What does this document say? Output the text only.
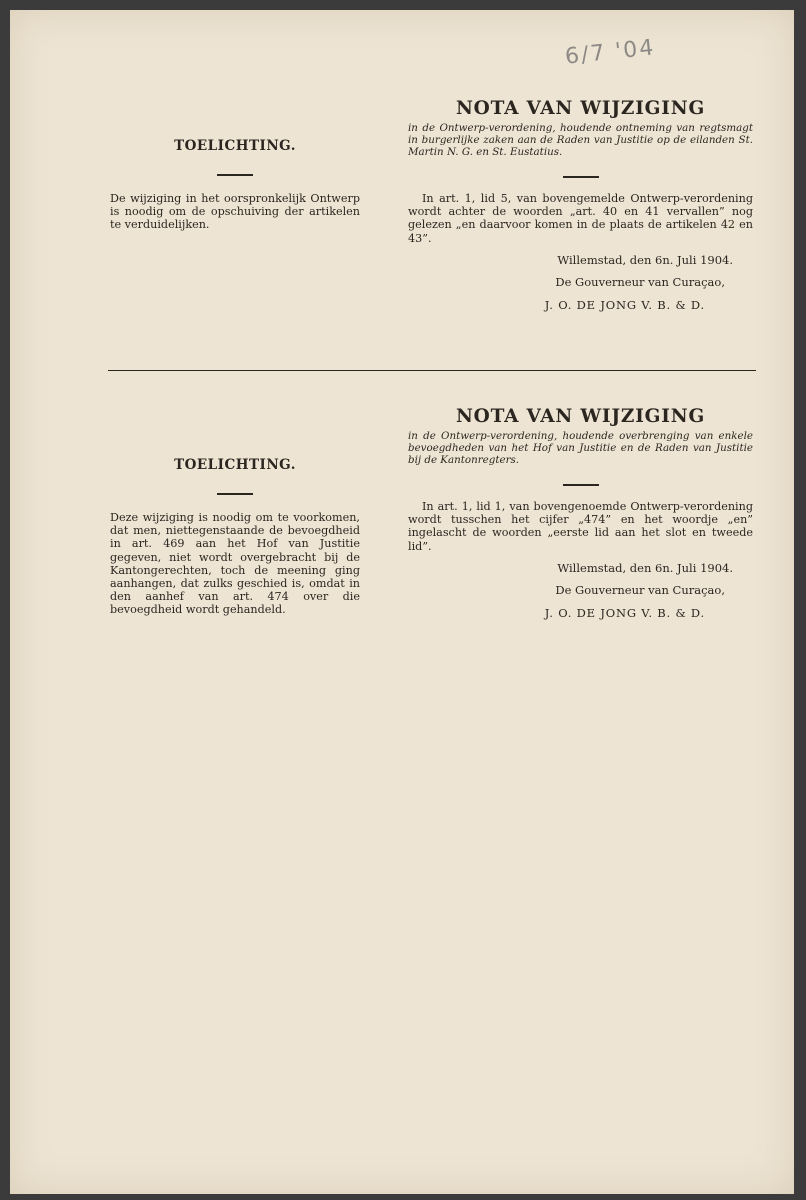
6/7 '04
TOELICHTING.
De wijziging in het oorspronkelijk Ontwerp is noodig om de opschuiving der artikelen te verduidelijken.
NOTA VAN WIJZIGING
in de Ontwerp-verordening, houdende ontneming van regtsmagt in burgerlijke zaken aan de Raden van Justitie op de eilanden St. Martin N. G. en St. Eustatius.
In art. 1, lid 5, van bovengemelde Ontwerp-verordening wordt achter de woorden „art. 40 en 41 vervallen” nog gelezen „en daarvoor komen in de plaats de artikelen 42 en 43”.
Willemstad, den 6n. Juli 1904.
De Gouverneur van Curaçao,
J. O. DE JONG V. B. & D.
TOELICHTING.
Deze wijziging is noodig om te voorkomen, dat men, niettegenstaande de bevoegdheid in art. 469 aan het Hof van Justitie gegeven, niet wordt overgebracht bij de Kantongerechten, toch de meening ging aanhangen, dat zulks geschied is, omdat in den aanhef van art. 474 over die bevoegdheid wordt gehandeld.
NOTA VAN WIJZIGING
in de Ontwerp-verordening, houdende overbrenging van enkele bevoegdheden van het Hof van Justitie en de Raden van Justitie bij de Kantonregters.
In art. 1, lid 1, van bovengenoemde Ontwerp-verordening wordt tusschen het cijfer „474” en het woordje „en” ingelascht de woorden „eerste lid aan het slot en tweede lid”.
Willemstad, den 6n. Juli 1904.
De Gouverneur van Curaçao,
J. O. DE JONG V. B. & D.
